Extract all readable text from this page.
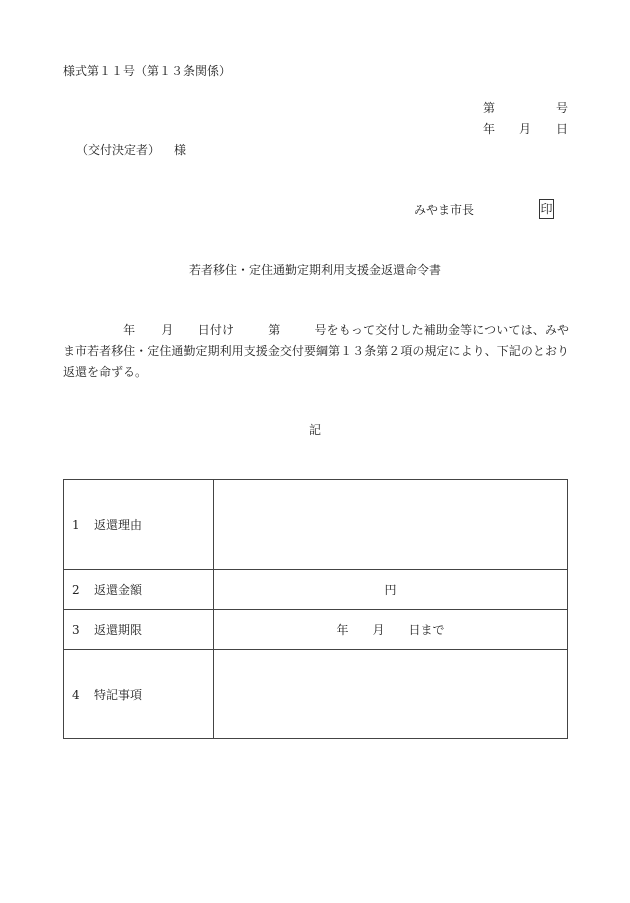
様式第１１号（第１３条関係）
第	号
年 月 日
（交付決定者） 様
みやま市長	印
若者移住・定住通勤定期利用支援金返還命令書
年 月 日付け	第	号をもって交付した補助金等については、みやま市若者移住・定住通勤定期利用支援金交付要綱第１３条第２項の規定により、下記のとおり返還を命ずる。
記
1 返還理由	
2 返還金額	円
3 返還期限	年　　月　　日まで
4 特記事項	
